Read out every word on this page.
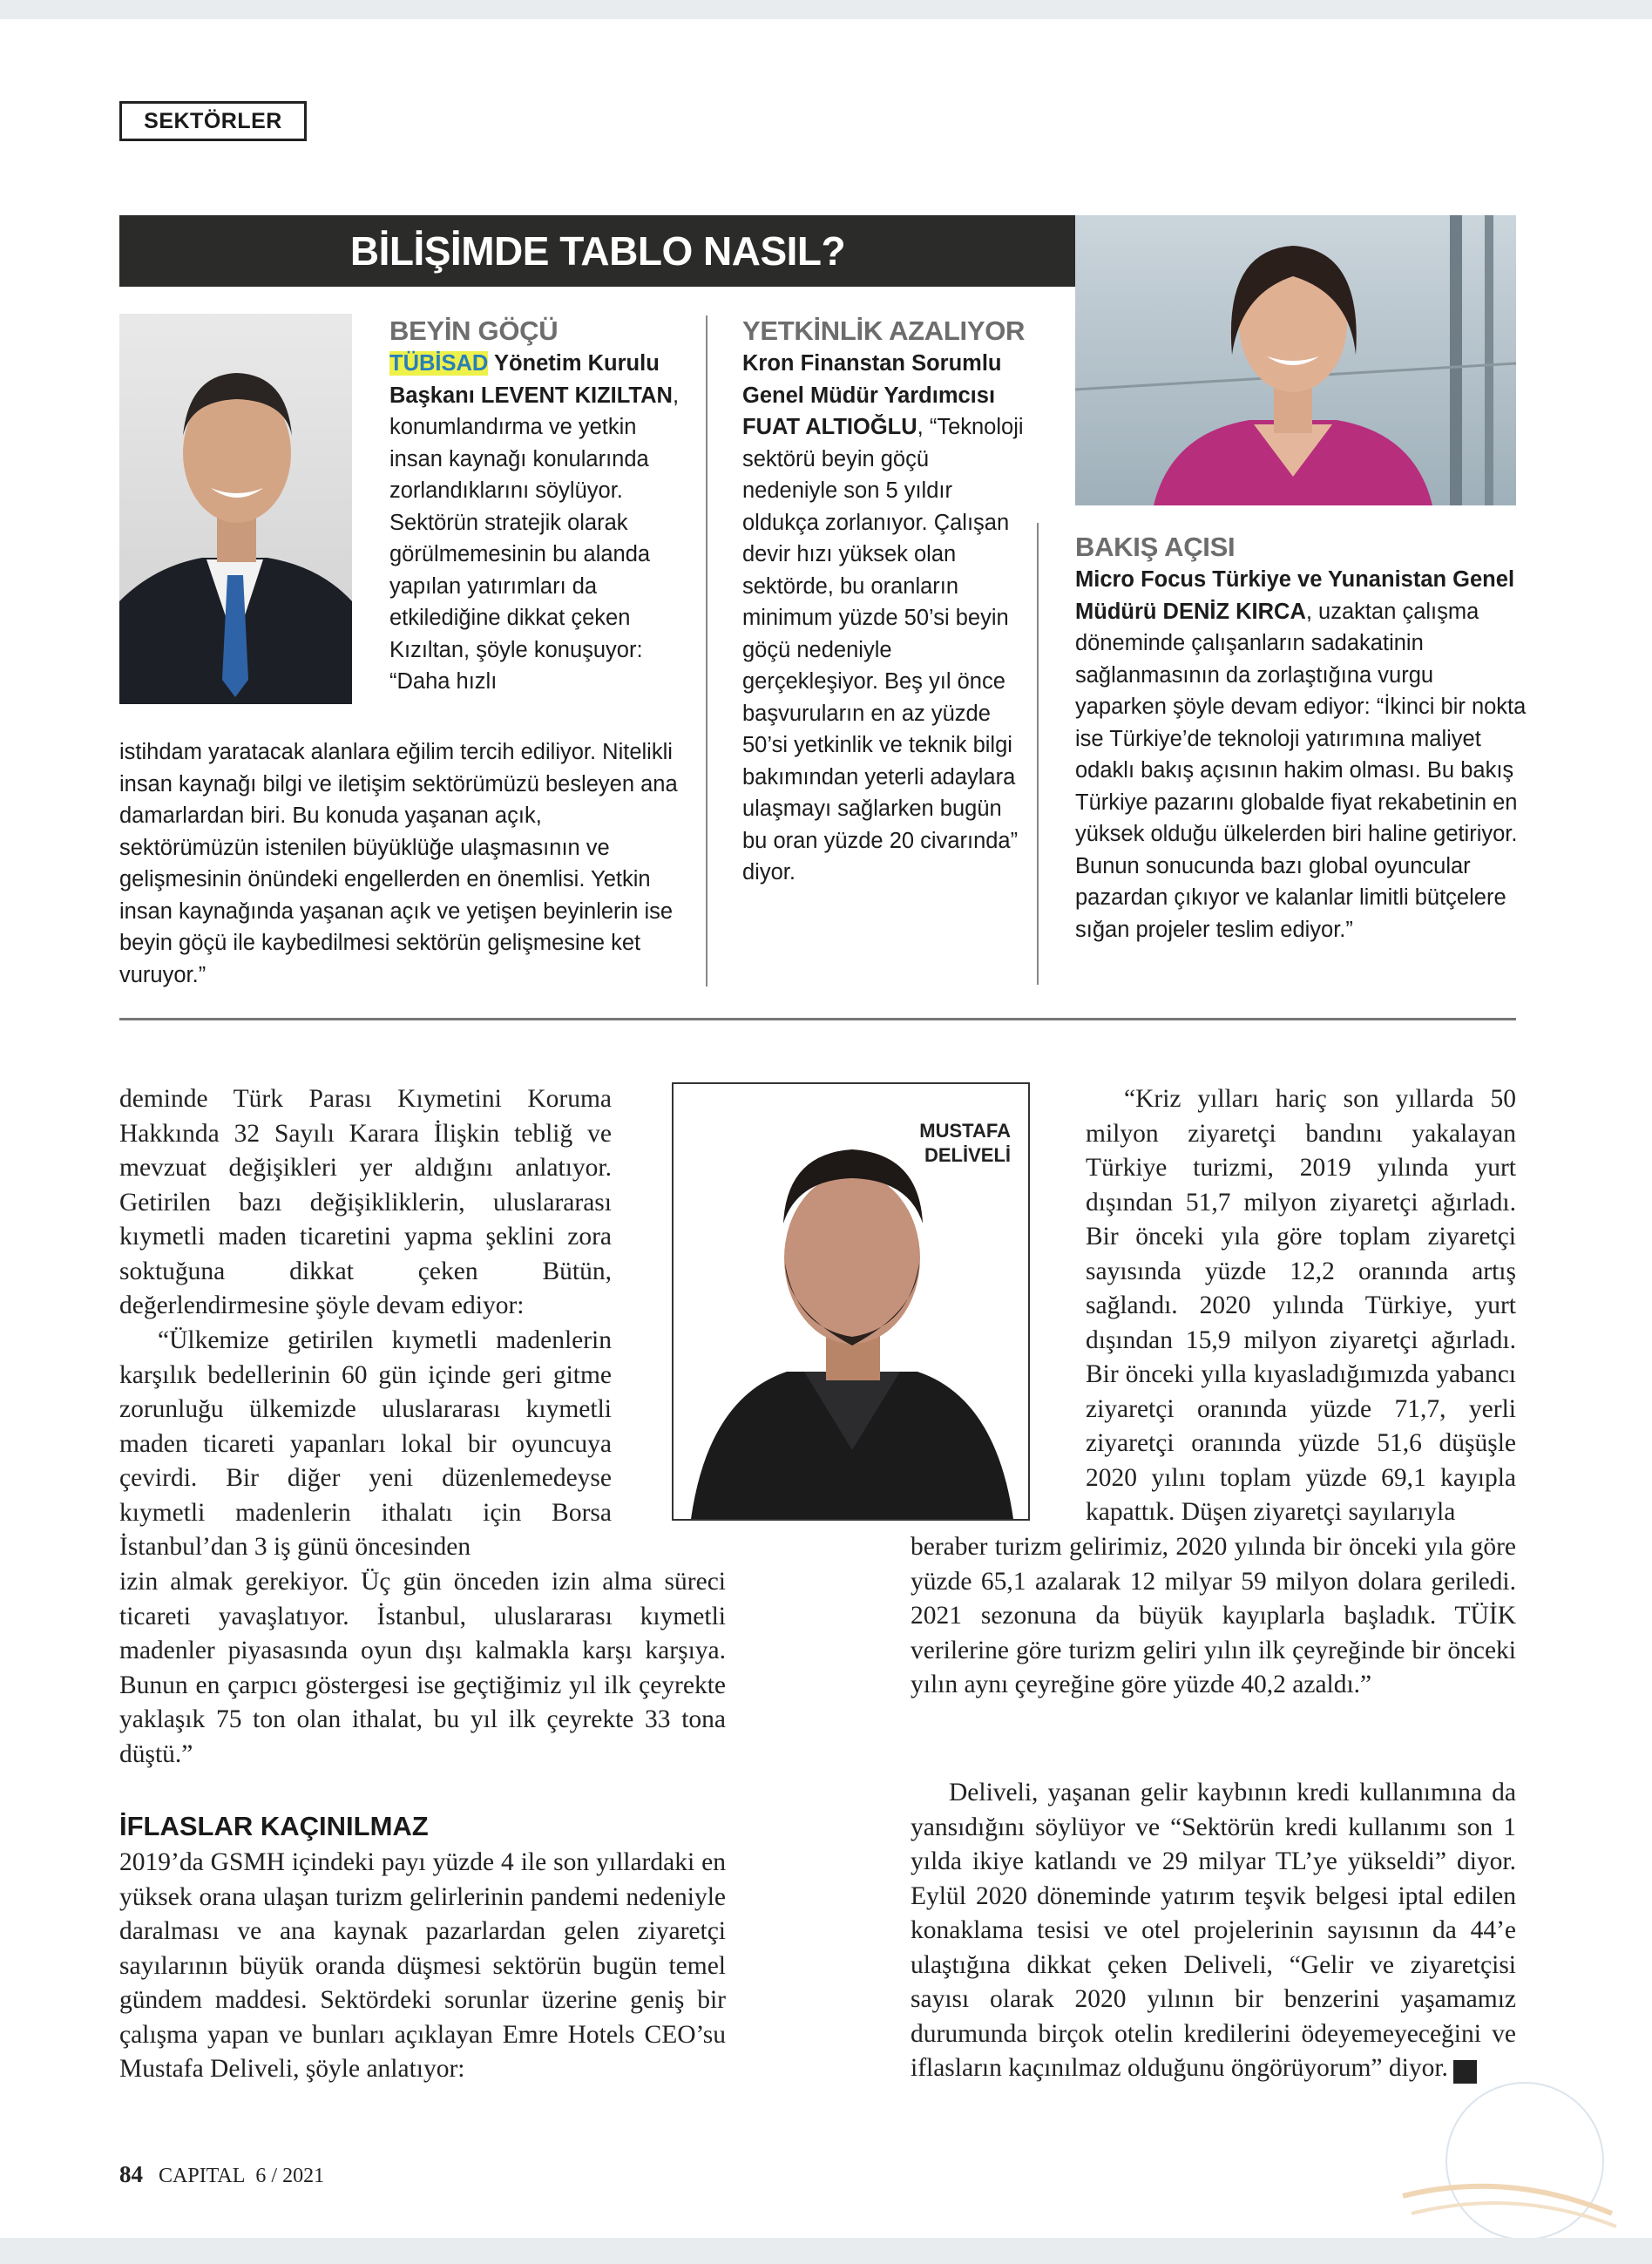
SEKTÖRLER
BİLİŞİMDE TABLO NASIL?
BEYİN GÖÇÜ
TÜBİSAD Yönetim Kurulu Başkanı LEVENT KIZILTAN, konumlandırma ve yetkin insan kaynağı konularında zorlandıklarını söylüyor. Sektörün stratejik olarak görülmemesinin bu alanda yapılan yatırımları da etkilediğine dikkat çeken Kızıltan, şöyle konuşuyor: “Daha hızlı
istihdam yaratacak alanlara eğilim tercih ediliyor. Nitelikli insan kaynağı bilgi ve iletişim sektörümüzü besleyen ana damarlardan biri. Bu konuda yaşanan açık, sektörümüzün istenilen büyüklüğe ulaşmasının ve gelişmesinin önündeki engellerden en önemlisi. Yetkin insan kaynağında yaşanan açık ve yetişen beyinlerin ise beyin göçü ile kaybedilmesi sektörün gelişmesine ket vuruyor.”
YETKİNLİK AZALIYOR
Kron Finanstan Sorumlu Genel Müdür Yardımcısı FUAT ALTIOĞLU, “Teknoloji sektörü beyin göçü nedeniyle son 5 yıldır oldukça zorlanıyor. Çalışan devir hızı yüksek olan sektörde, bu oranların minimum yüzde 50’si beyin göçü nedeniyle gerçekleşiyor. Beş yıl önce başvuruların en az yüzde 50’si yetkinlik ve teknik bilgi bakımından yeterli adaylara ulaşmayı sağlarken bugün bu oran yüzde 20 civarında” diyor.
BAKIŞ AÇISI
Micro Focus Türkiye ve Yunanistan Genel Müdürü DENİZ KIRCA, uzaktan çalışma döneminde çalışanların sadakatinin sağlanmasının da zorlaştığına vurgu yaparken şöyle devam ediyor: “İkinci bir nokta ise Türkiye’de teknoloji yatırımına maliyet odaklı bakış açısının hakim olması. Bu bakış Türkiye pazarını globalde fiyat rekabetinin en yüksek olduğu ülkelerden biri haline getiriyor. Bunun sonucunda bazı global oyuncular pazardan çıkıyor ve kalanlar limitli bütçelere sığan projeler teslim ediyor.”
deminde Türk Parası Kıymetini Koruma Hakkında 32 Sayılı Karara İlişkin tebliğ ve mevzuat değişikleri yer aldığını anlatıyor. Getirilen bazı değişikliklerin, uluslararası kıymetli maden ticaretini yapma şeklini zora soktuğuna dikkat çeken Bütün, değerlendirmesine şöyle devam ediyor:
“Ülkemize getirilen kıymetli madenlerin karşılık bedellerinin 60 gün içinde geri gitme zorunluğu ülkemizde uluslararası kıymetli maden ticareti yapanları lokal bir oyuncuya çevirdi. Bir diğer yeni düzenlemedeyse kıymetli madenlerin ithalatı için Borsa İstanbul’dan 3 iş günü öncesinden
izin almak gerekiyor. Üç gün önceden izin alma süreci ticareti yavaşlatıyor. İstanbul, uluslararası kıymetli madenler piyasasında oyun dışı kalmakla karşı karşıya. Bunun en çarpıcı göstergesi ise geçtiğimiz yıl ilk çeyrekte yaklaşık 75 ton olan ithalat, bu yıl ilk çeyrekte 33 tona düştü.”
İFLASLAR KAÇINILMAZ
2019’da GSMH içindeki payı yüzde 4 ile son yıllardaki en yüksek orana ulaşan turizm gelirlerinin pandemi nedeniyle daralması ve ana kaynak pazarlardan gelen ziyaretçi sayılarının büyük oranda düşmesi sektörün bugün temel gündem maddesi. Sektördeki sorunlar üzerine geniş bir çalışma yapan ve bunları açıklayan Emre Hotels CEO’su Mustafa Deliveli, şöyle anlatıyor:
MUSTAFA
DELİVELİ
“Kriz yılları hariç son yıllarda 50 milyon ziyaretçi bandını yakalayan Türkiye turizmi, 2019 yılında yurt dışından 51,7 milyon ziyaretçi ağırladı. Bir önceki yıla göre toplam ziyaretçi sayısında yüzde 12,2 oranında artış sağlandı. 2020 yılında Türkiye, yurt dışından 15,9 milyon ziyaretçi ağırladı. Bir önceki yılla kıyasladığımızda yabancı ziyaretçi oranında yüzde 71,7, yerli ziyaretçi oranında yüzde 51,6 düşüşle 2020 yılını toplam yüzde 69,1 kayıpla kapattık. Düşen ziyaretçi sayılarıyla
beraber turizm gelirimiz, 2020 yılında bir önceki yıla göre yüzde 65,1 azalarak 12 milyar 59 milyon dolara geriledi. 2021 sezonuna da büyük kayıplarla başladık. TÜİK verilerine göre turizm geliri yılın ilk çeyreğinde bir önceki yılın aynı çeyreğine göre yüzde 40,2 azaldı.”
Deliveli, yaşanan gelir kaybının kredi kullanımına da yansıdığını söylüyor ve “Sektörün kredi kullanımı son 1 yılda ikiye katlandı ve 29 milyar TL’ye yükseldi” diyor. Eylül 2020 döneminde yatırım teşvik belgesi iptal edilen konaklama tesisi ve otel projelerinin sayısının da 44’e ulaştığına dikkat çeken Deliveli, “Gelir ve ziyaretçisi sayısı olarak 2020 yılının bir benzerini yaşamamız durumunda birçok otelin kredilerini ödeyemeyeceğini ve iflasların kaçınılmaz olduğunu öngörüyorum” diyor. C
84 CAPITAL 6 / 2021
